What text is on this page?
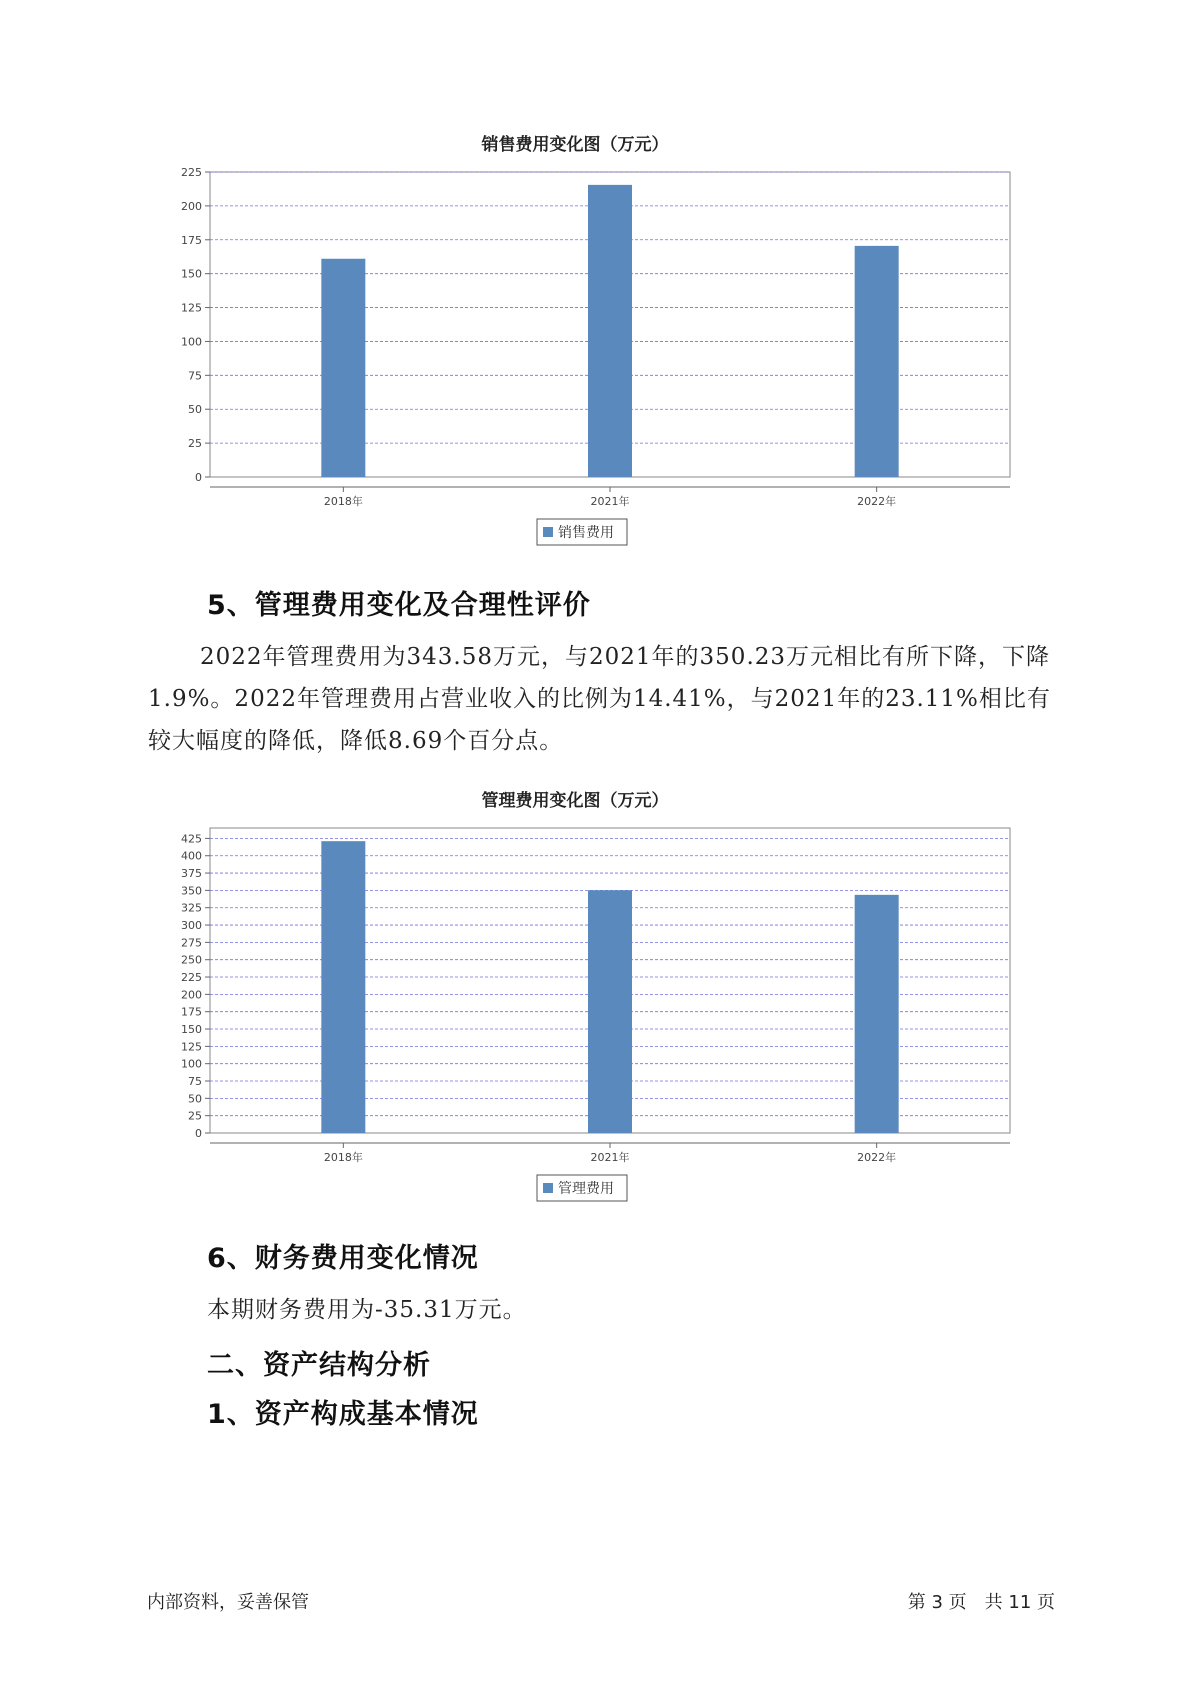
销售费用变化图（万元）
0
25
50
75
100
125
150
175
200
225
2018年	2021年	2022年
销售费用
5、管理费用变化及合理性评价

2022年管理费用为343.58万元，与2021年的350.23万元相比有所下降，下降1.9%。2022年管理费用占营业收入的比例为14.41%，与2021年的23.11%相比有较大幅度的降低，降低8.69个百分点。

管理费用变化图（万元）
0
25
50
75
100
125
150
175
200
225
250
275
300
325
350
375
400
425
2018年	2021年	2022年
管理费用
6、财务费用变化情况

本期财务费用为-35.31万元。

二、资产结构分析
1、资产构成基本情况
内部资料，妥善保管	第 3 页　共 11 页
